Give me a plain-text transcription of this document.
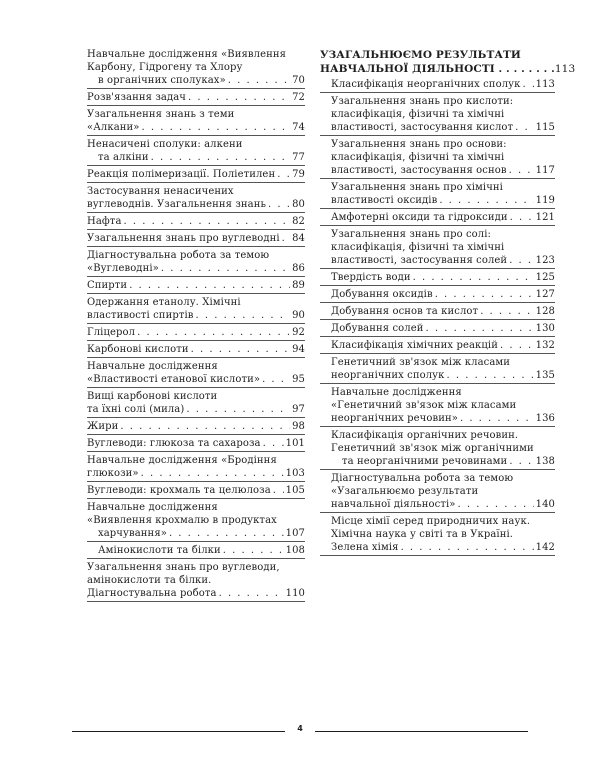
Навчальне дослідження «Виявлення
Карбону, Гідрогену та Хлору
в органічних сполуках» . . .	70
Розв'язання задач . . .	72
Узагальнення знань з теми
«Алкани» . . .	74
Ненасичені сполуки: алкени
та алкіни . . .	77
Реакція полімеризації. Поліетилен . . . 79
Застосування ненасичених
вуглеводнів. Узагальнення знань . . .	80
Нафта . . .	82
Узагальнення знань про вуглеводні . . . 84
Діагностувальна робота за темою
«Вуглеводні» . . .	86
Спирти . . .	89
Одержання етанолу. Хімічні
властивості спиртів . . .	90
Гліцерол . . .	92
Карбонові кислоти . . .	94
Навчальне дослідження
«Властивості етанової кислоти» . . .	95
Вищі карбонові кислоти
та їхні солі (мила) . . .	97
Жири . . .	98
Вуглеводи: глюкоза та сахароза . . .	101
Навчальне дослідження «Бродіння
глюкози» . . .	103
Вуглеводи: крохмаль та целюлоза . . . 105
Навчальне дослідження
«Виявлення крохмалю в продуктах
харчування» . . .	107
Амінокислоти та білки . . .	108
Узагальнення знань про вуглеводи,
амінокислоти та білки.
Діагностувальна робота . . .	110
УЗАГАЛЬНЮЄМО РЕЗУЛЬТАТИ
НАВЧАЛЬНОЇ ДІЯЛЬНОСТІ . . . . . . . .113
Класифікація неорганічних сполук . . . 113
Узагальнення знань про кислоти:
класифікація, фізичні та хімічні
властивості, застосування кислот . . . 115
Узагальнення знань про основи:
класифікація, фізичні та хімічні
властивості, застосування основ . . .	117
Узагальнення знань про хімічні
властивості оксидів . . .	119
Амфотерні оксиди та гідроксиди . . .	121
Узагальнення знань про солі:
класифікація, фізичні та хімічні
властивості, застосування солей . . .	123
Твердість води . . .	125
Добування оксидів . . .	127
Добування основ та кислот . . .	128
Добування солей . . .	130
Класифікація хімічних реакцій . . .	132
Генетичний зв'язок між класами
неорганічних сполук . . .	135
Навчальне дослідження
«Генетичний зв'язок між класами
неорганічних речовин» . . .	136
Класифікація органічних речовин.
Генетичний зв'язок між органічними
та неорганічними речовинами . . .	138
Діагностувальна робота за темою
«Узагальнюємо результати
навчальної діяльності» . . .	140
Місце хімії серед природничих наук.
Хімічна наука у світі та в Україні.
Зелена хімія . . .	142
4
